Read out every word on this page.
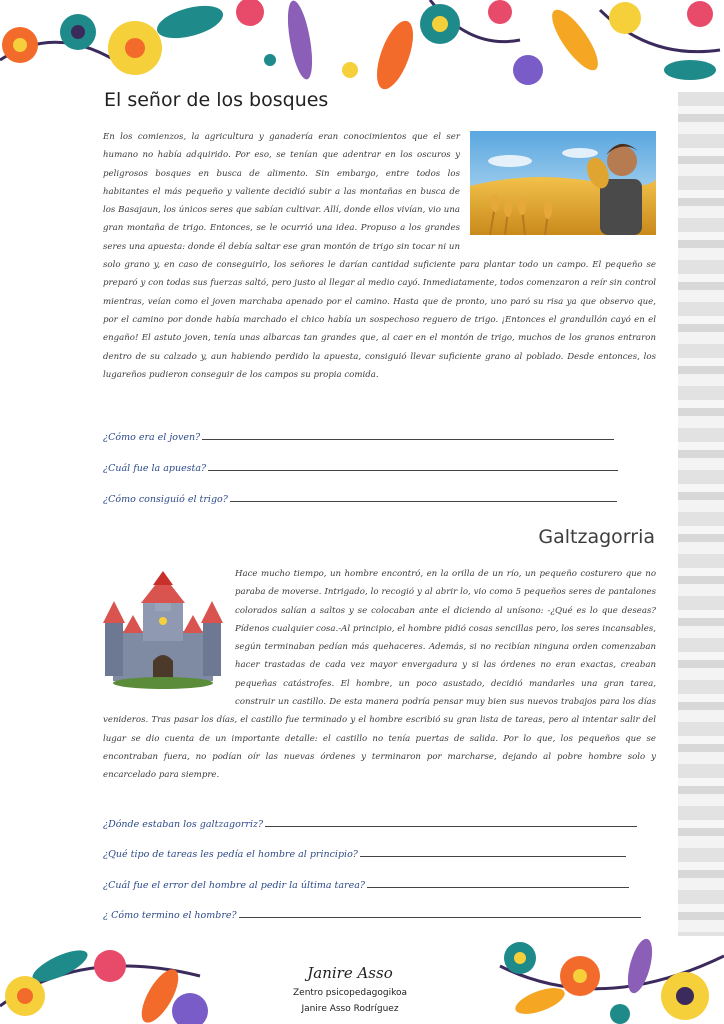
El señor de los bosques
En los comienzos, la agricultura y ganadería eran conocimientos que el ser humano no había adquirido. Por eso, se tenían que adentrar en los oscuros y peligrosos bosques en busca de alimento. Sin embargo, entre todos los habitantes el más pequeño y valiente decidió subir a las montañas en busca de los Basajaun, los únicos seres que sabían cultivar. Allí, donde ellos vivían, vio una gran montaña de trigo. Entonces, se le ocurrió una idea. Propuso a los grandes seres una apuesta: donde él debía saltar ese gran montón de trigo sin tocar ni un solo grano y, en caso de conseguirlo, los señores le darían cantidad suficiente para plantar todo un campo. El pequeño se preparó y con todas sus fuerzas saltó, pero justo al llegar al medio cayó. Inmediatamente, todos comenzaron a reír sin control mientras, veían como el joven marchaba apenado por el camino. Hasta que de pronto, uno paró su risa ya que observo que, por el camino por donde había marchado el chico había un sospechoso reguero de trigo. ¡Entonces el grandullón cayó en el engaño! El astuto joven, tenía unas albarcas tan grandes que, al caer en el montón de trigo, muchos de los granos entraron dentro de su calzado y, aun habiendo perdido la apuesta, consiguió llevar suficiente grano al poblado. Desde entonces, los lugareños pudieron conseguir de los campos su propia comida.
¿Cómo era el joven?
¿Cuál fue la apuesta?
¿Cómo consiguió el trigo?
Galtzagorria
Hace mucho tiempo, un hombre encontró, en la orilla de un río, un pequeño costurero que no paraba de moverse. Intrigado, lo recogió y al abrir lo, vio como 5 pequeños seres de pantalones colorados salían a saltos y se colocaban ante el diciendo al unísono: -¿Qué es lo que deseas? Pídenos cualquier cosa.-Al principio, el hombre pidió cosas sencillas pero, los seres incansables, según terminaban pedían más quehaceres. Además, si no recibían ninguna orden comenzaban hacer trastadas de cada vez mayor envergadura y si las órdenes no eran exactas, creaban pequeñas catástrofes. El hombre, un poco asustado, decidió mandarles una gran tarea, construir un castillo. De esta manera podría pensar muy bien sus nuevos trabajos para los días venideros. Tras pasar los días, el castillo fue terminado y el hombre escribió su gran lista de tareas, pero al intentar salir del lugar se dio cuenta de un importante detalle: el castillo no tenía puertas de salida. Por lo que, los pequeños que se encontraban fuera, no podían oír las nuevas órdenes y terminaron por marcharse, dejando al pobre hombre solo y encarcelado para siempre.
¿Dónde estaban los galtzagorriz?
¿Qué tipo de tareas les pedía el hombre al principio?
¿Cuál fue el error del hombre al pedir la última tarea?
¿ Cómo termino el hombre?
Janire Asso
Zentro psicopedagogikoa
Janire Asso Rodríguez
